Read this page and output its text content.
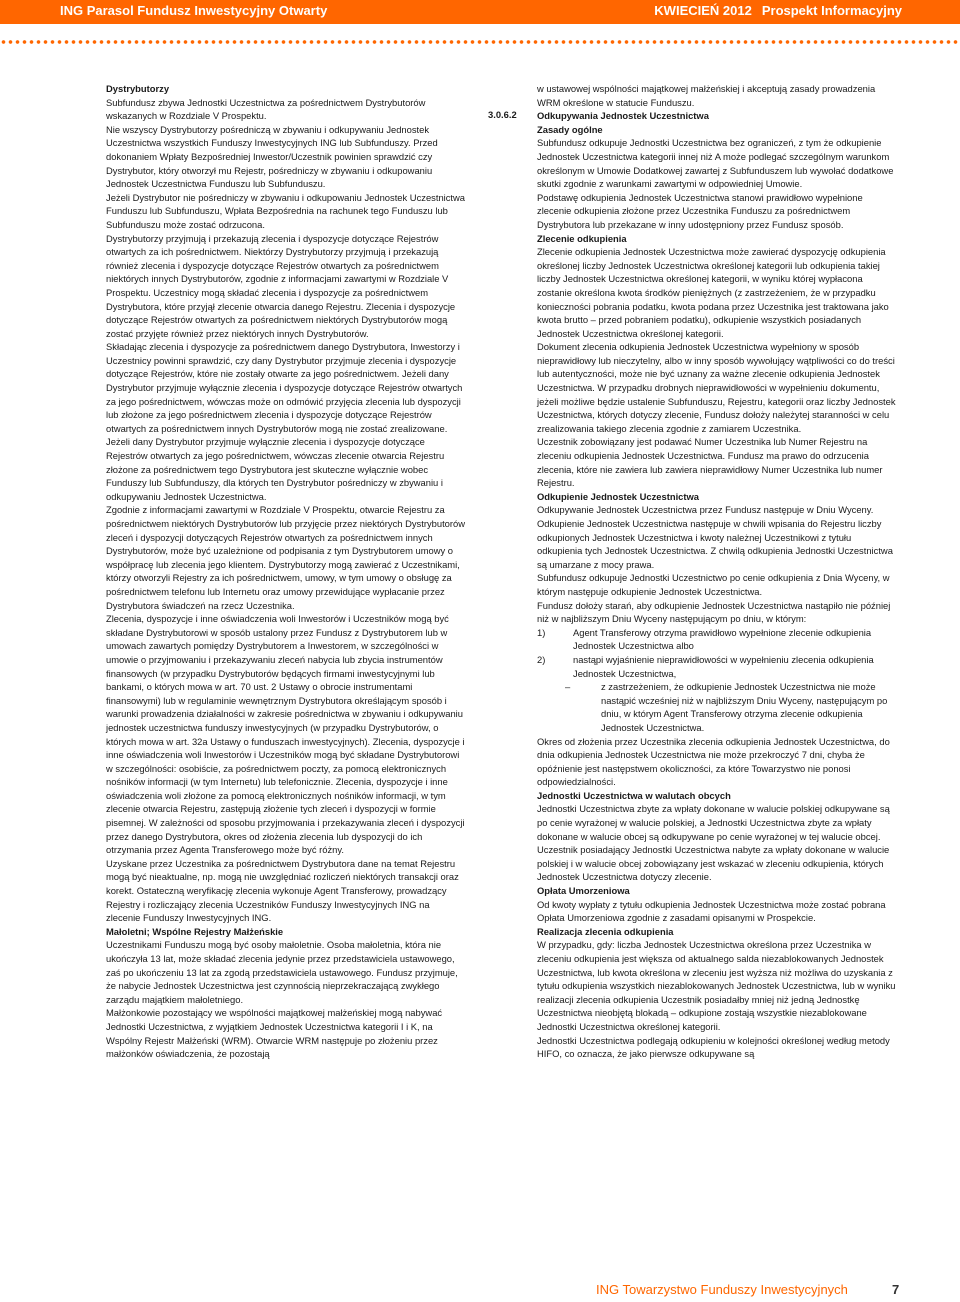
ING Parasol Fundusz Inwestycyjny Otwarty	KWIECIEŃ 2012 Prospekt Informacyjny

Dystrybutorzy

Subfundusz zbywa Jednostki Uczestnictwa za pośrednictwem Dystrybutorów wskazanych w Rozdziale V Prospektu.

Nie wszyscy Dystrybutorzy pośredniczą w zbywaniu i odkupywaniu Jednostek Uczestnictwa wszystkich Funduszy Inwestycyjnych ING lub Subfunduszy. Przed dokonaniem Wpłaty Bezpośredniej Inwestor/Uczestnik powinien sprawdzić czy Dystrybutor, który otworzył mu Rejestr, pośredniczy w zbywaniu i odkupowaniu Jednostek Uczestnictwa Funduszu lub Subfunduszu.

Jeżeli Dystrybutor nie pośredniczy w zbywaniu i odkupowaniu Jednostek Uczestnictwa Funduszu lub Subfunduszu, Wpłata Bezpośrednia na rachunek tego Funduszu lub Subfunduszu może zostać odrzucona.

Dystrybutorzy przyjmują i przekazują zlecenia i dyspozycje dotyczące Rejestrów otwartych za ich pośrednictwem. Niektórzy Dystrybutorzy przyjmują i przekazują również zlecenia i dyspozycje dotyczące Rejestrów otwartych za pośrednictwem niektórych innych Dystrybutorów, zgodnie z informacjami zawartymi w Rozdziale V Prospektu. Uczestnicy mogą składać zlecenia i dyspozycje za pośrednictwem Dystrybutora, które przyjął zlecenie otwarcia danego Rejestru. Zlecenia i dyspozycje dotyczące Rejestrów otwartych za pośrednictwem niektórych Dystrybutorów mogą zostać przyjęte również przez niektórych innych Dystrybutorów.

Składając zlecenia i dyspozycje za pośrednictwem danego Dystrybutora, Inwestorzy i Uczestnicy powinni sprawdzić, czy dany Dystrybutor przyjmuje zlecenia i dyspozycje dotyczące Rejestrów, które nie zostały otwarte za jego pośrednictwem. Jeżeli dany Dystrybutor przyjmuje wyłącznie zlecenia i dyspozycje dotyczące Rejestrów otwartych za jego pośrednictwem, wówczas może on odmówić przyjęcia zlecenia lub dyspozycji lub złożone za jego pośrednictwem zlecenia i dyspozycje dotyczące Rejestrów otwartych za pośrednictwem innych Dystrybutorów mogą nie zostać zrealizowane.

Jeżeli dany Dystrybutor przyjmuje wyłącznie zlecenia i dyspozycje dotyczące Rejestrów otwartych za jego pośrednictwem, wówczas zlecenie otwarcia Rejestru złożone za pośrednictwem tego Dystrybutora jest skuteczne wyłącznie wobec Funduszy lub Subfunduszy, dla których ten Dystrybutor pośredniczy w zbywaniu i odkupywaniu Jednostek Uczestnictwa.

Zgodnie z informacjami zawartymi w Rozdziale V Prospektu, otwarcie Rejestru za pośrednictwem niektórych Dystrybutorów lub przyjęcie przez niektórych Dystrybutorów zleceń i dyspozycji dotyczących Rejestrów otwartych za pośrednictwem innych Dystrybutorów, może być uzależnione od podpisania z tym Dystrybutorem umowy o współpracę lub zlecenia jego klientem. Dystrybutorzy mogą zawierać z Uczestnikami, którzy otworzyli Rejestry za ich pośrednictwem, umowy, w tym umowy o obsługę za pośrednictwem telefonu lub Internetu oraz umowy przewidujące wypłacanie przez Dystrybutora świadczeń na rzecz Uczestnika.

Zlecenia, dyspozycje i inne oświadczenia woli Inwestorów i Uczestników mogą być składane Dystrybutorowi w sposób ustalony przez Fundusz z Dystrybutorem lub w umowach zawartych pomiędzy Dystrybutorem a Inwestorem, w szczególności w umowie o przyjmowaniu i przekazywaniu zleceń nabycia lub zbycia instrumentów finansowych (w przypadku Dystrybutorów będących firmami inwestycyjnymi lub bankami, o których mowa w art. 70 ust. 2 Ustawy o obrocie instrumentami finansowymi) lub w regulaminie wewnętrznym Dystrybutora określającym sposób i warunki prowadzenia działalności w zakresie pośrednictwa w zbywaniu i odkupywaniu jednostek uczestnictwa funduszy inwestycyjnych (w przypadku Dystrybutorów, o których mowa w art. 32a Ustawy o funduszach inwestycyjnych). Zlecenia, dyspozycje i inne oświadczenia woli Inwestorów i Uczestników mogą być składane Dystrybutorowi w szczególności: osobiście, za pośrednictwem poczty, za pomocą elektronicznych nośników informacji (w tym Internetu) lub telefonicznie. Zlecenia, dyspozycje i inne oświadczenia woli złożone za pomocą elektronicznych nośników informacji, w tym zlecenie otwarcia Rejestru, zastępują złożenie tych zleceń i dyspozycji w formie pisemnej. W zależności od sposobu przyjmowania i przekazywania zleceń i dyspozycji przez danego Dystrybutora, okres od złożenia zlecenia lub dyspozycji do ich otrzymania przez Agenta Transferowego może być różny.

Uzyskane przez Uczestnika za pośrednictwem Dystrybutora dane na temat Rejestru mogą być nieaktualne, np. mogą nie uwzględniać rozliczeń niektórych transakcji oraz korekt. Ostateczną weryfikację zlecenia wykonuje Agent Transferowy, prowadzący Rejestry i rozliczający zlecenia Uczestników Funduszy Inwestycyjnych ING na zlecenie Funduszy Inwestycyjnych ING.

Małoletni; Wspólne Rejestry Małżeńskie

Uczestnikami Funduszu mogą być osoby małoletnie. Osoba małoletnia, która nie ukończyła 13 lat, może składać zlecenia jedynie przez przedstawiciela ustawowego, zaś po ukończeniu 13 lat za zgodą przedstawiciela ustawowego. Fundusz przyjmuje, że nabycie Jednostek Uczestnictwa jest czynnością nieprzekraczającą zwykłego zarządu majątkiem małoletniego.

Małżonkowie pozostający we wspólności majątkowej małżeńskiej mogą nabywać Jednostki Uczestnictwa, z wyjątkiem Jednostek Uczestnictwa kategorii I i K, na Wspólny Rejestr Małżeński (WRM). Otwarcie WRM następuje po złożeniu przez małżonków oświadczenia, że pozostają

3.0.6.2

w ustawowej wspólności majątkowej małżeńskiej i akceptują zasady prowadzenia WRM określone w statucie Funduszu.

Odkupywania Jednostek Uczestnictwa

Zasady ogólne

Subfundusz odkupuje Jednostki Uczestnictwa bez ograniczeń, z tym że odkupienie Jednostek Uczestnictwa kategorii innej niż A może podlegać szczególnym warunkom określonym w Umowie Dodatkowej zawartej z Subfunduszem lub wywołać dodatkowe skutki zgodnie z warunkami zawartymi w odpowiedniej Umowie.

Podstawę odkupienia Jednostek Uczestnictwa stanowi prawidłowo wypełnione zlecenie odkupienia złożone przez Uczestnika Funduszu za pośrednictwem Dystrybutora lub przekazane w inny udostępniony przez Fundusz sposób.

Zlecenie odkupienia

Zlecenie odkupienia Jednostek Uczestnictwa może zawierać dyspozycję odkupienia określonej liczby Jednostek Uczestnictwa określonej kategorii lub odkupienia takiej liczby Jednostek Uczestnictwa określonej kategorii, w wyniku której wypłacona zostanie określona kwota środków pieniężnych (z zastrzeżeniem, że w przypadku konieczności pobrania podatku, kwota podana przez Uczestnika jest traktowana jako kwota brutto – przed pobraniem podatku), odkupienie wszystkich posiadanych Jednostek Uczestnictwa określonej kategorii.

Dokument zlecenia odkupienia Jednostek Uczestnictwa wypełniony w sposób nieprawidłowy lub nieczytelny, albo w inny sposób wywołujący wątpliwości co do treści lub autentyczności, może nie być uznany za ważne zlecenie odkupienia Jednostek Uczestnictwa. W przypadku drobnych nieprawidłowości w wypełnieniu dokumentu, jeżeli możliwe będzie ustalenie Subfunduszu, Rejestru, kategorii oraz liczby Jednostek Uczestnictwa, których dotyczy zlecenie, Fundusz dołoży należytej staranności w celu zrealizowania takiego zlecenia zgodnie z zamiarem Uczestnika.

Uczestnik zobowiązany jest podawać Numer Uczestnika lub Numer Rejestru na zleceniu odkupienia Jednostek Uczestnictwa. Fundusz ma prawo do odrzucenia zlecenia, które nie zawiera lub zawiera nieprawidłowy Numer Uczestnika lub numer Rejestru.

Odkupienie Jednostek Uczestnictwa

Odkupywanie Jednostek Uczestnictwa przez Fundusz następuje w Dniu Wyceny. Odkupienie Jednostek Uczestnictwa następuje w chwili wpisania do Rejestru liczby odkupionych Jednostek Uczestnictwa i kwoty należnej Uczestnikowi z tytułu odkupienia tych Jednostek Uczestnictwa. Z chwilą odkupienia Jednostki Uczestnictwa są umarzane z mocy prawa.

Subfundusz odkupuje Jednostki Uczestnictwo po cenie odkupienia z Dnia Wyceny, w którym następuje odkupienie Jednostek Uczestnictwa.

Fundusz dołoży starań, aby odkupienie Jednostek Uczestnictwa nastąpiło nie później niż w najbliższym Dniu Wyceny następującym po dniu, w którym:

1)	Agent Transferowy otrzyma prawidłowo wypełnione zlecenie odkupienia Jednostek Uczestnictwa albo

2)	nastąpi wyjaśnienie nieprawidłowości w wypełnieniu zlecenia odkupienia Jednostek Uczestnictwa,

–	z zastrzeżeniem, że odkupienie Jednostek Uczestnictwa nie może nastąpić wcześniej niż w najbliższym Dniu Wyceny, następującym po dniu, w którym Agent Transferowy otrzyma zlecenie odkupienia Jednostek Uczestnictwa.

Okres od złożenia przez Uczestnika zlecenia odkupienia Jednostek Uczestnictwa, do dnia odkupienia Jednostek Uczestnictwa nie może przekroczyć 7 dni, chyba że opóźnienie jest następstwem okoliczności, za które Towarzystwo nie ponosi odpowiedzialności.

Jednostki Uczestnictwa w walutach obcych

Jednostki Uczestnictwa zbyte za wpłaty dokonane w walucie polskiej odkupywane są po cenie wyrażonej w walucie polskiej, a Jednostki Uczestnictwa zbyte za wpłaty dokonane w walucie obcej są odkupywane po cenie wyrażonej w tej walucie obcej. Uczestnik posiadający Jednostki Uczestnictwa nabyte za wpłaty dokonane w walucie polskiej i w walucie obcej zobowiązany jest wskazać w zleceniu odkupienia, których Jednostek Uczestnictwa dotyczy zlecenie.

Opłata Umorzeniowa

Od kwoty wypłaty z tytułu odkupienia Jednostek Uczestnictwa może zostać pobrana Opłata Umorzeniowa zgodnie z zasadami opisanymi w Prospekcie.

Realizacja zlecenia odkupienia

W przypadku, gdy: liczba Jednostek Uczestnictwa określona przez Uczestnika w zleceniu odkupienia jest większa od aktualnego salda niezablokowanych Jednostek Uczestnictwa, lub kwota określona w zleceniu jest wyższa niż możliwa do uzyskania z tytułu odkupienia wszystkich niezablokowanych Jednostek Uczestnictwa, lub w wyniku realizacji zlecenia odkupienia Uczestnik posiadałby mniej niż jedną Jednostkę Uczestnictwa nieobjętą blokadą – odkupione zostają wszystkie niezablokowane Jednostki Uczestnictwa określonej kategorii.

Jednostki Uczestnictwa podlegają odkupieniu w kolejności określonej według metody HIFO, co oznacza, że jako pierwsze odkupywane są

ING Towarzystwo Funduszy Inwestycyjnych	7
